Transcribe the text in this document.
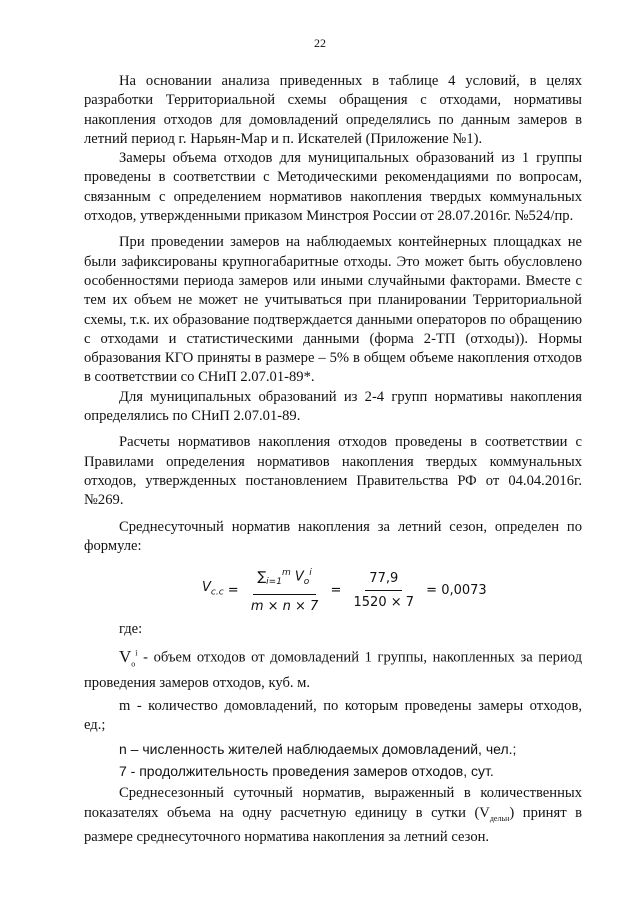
22

На основании анализа приведенных в таблице 4 условий, в целях разработки Территориальной схемы обращения с отходами, нормативы накопления отходов для домовладений определялись по данным замеров в летний период г. Нарьян-Мар и п. Искателей (Приложение №1).

Замеры объема отходов для муниципальных образований из 1 группы проведены в соответствии с Методическими рекомендациями по вопросам, связанным с определением нормативов накопления твердых коммунальных отходов, утвержденными приказом Минстроя России от 28.07.2016г. №524/пр.

При проведении замеров на наблюдаемых контейнерных площадках не были зафиксированы крупногабаритные отходы. Это может быть обусловлено особенностями периода замеров или иными случайными факторами. Вместе с тем их объем не может не учитываться при планировании Территориальной схемы, т.к. их образование подтверждается данными операторов по обращению с отходами и статистическими данными (форма 2-ТП (отходы)). Нормы образования КГО приняты в размере – 5% в общем объеме накопления отходов в соответствии со СНиП 2.07.01-89*.

Для муниципальных образований из 2-4 групп нормативы накопления определялись по СНиП 2.07.01-89.

Расчеты нормативов накопления отходов проведены в соответствии с Правилами определения нормативов накопления твердых коммунальных отходов, утвержденных постановлением Правительства РФ от 04.04.2016г. №269.

Среднесуточный норматив накопления за летний сезон, определен по формуле:

$V_{c.c} = \frac{\sum_{i=1}^m V_o^i}{m \times n \times 7} = \frac{77,9}{1520 \times 7} = 0,0073$

где:

$V_o^i$ - объем отходов от домовладений 1 группы, накопленных за период проведения замеров отходов, куб. м.

m - количество домовладений, по которым проведены замеры отходов, ед.;

n – численность жителей наблюдаемых домовладений, чел.;

7 - продолжительность проведения замеров отходов, сут.

Среднесезонный суточный норматив, выраженный в количественных показателях объема на одну расчетную единицу в сутки $(V_{дельн})$ принят в размере среднесуточного норматива накопления за летний сезон.
